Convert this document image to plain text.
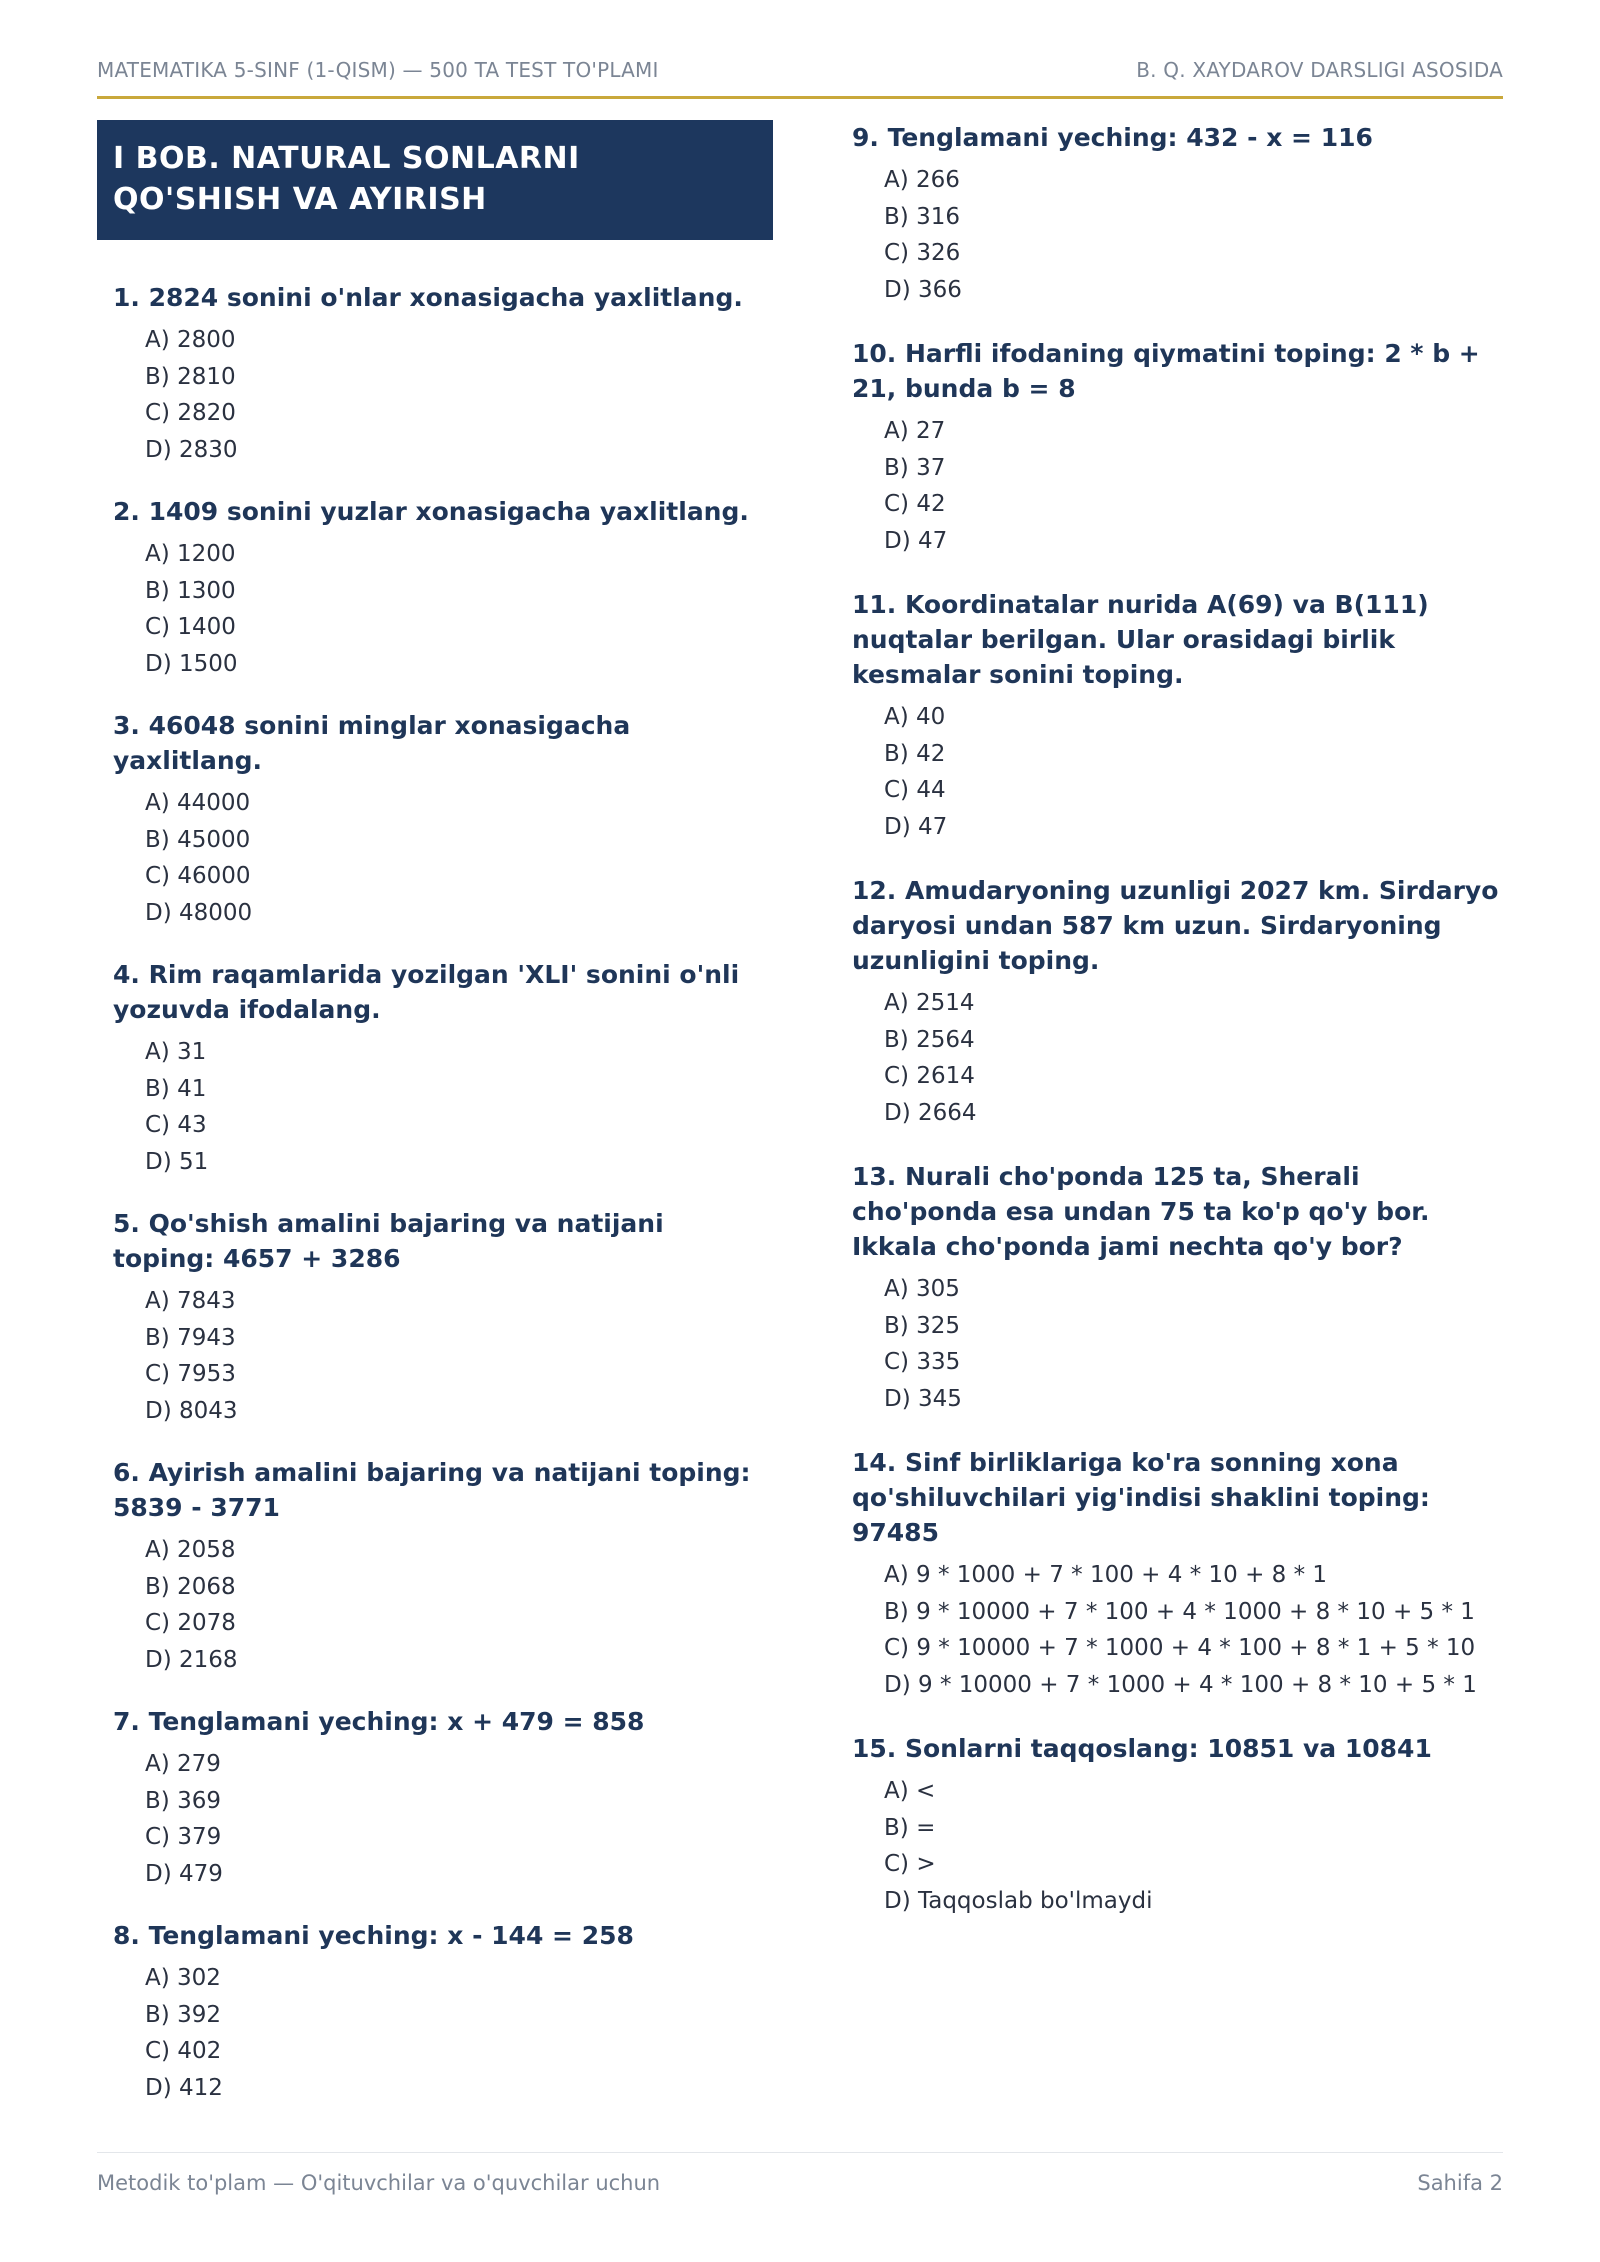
MATEMATIKA 5-SINF (1-QISM) — 500 TA TEST TO'PLAMI	B. Q. XAYDAROV DARSLIGI ASOSIDA
I BOB. NATURAL SONLARNI QO'SHISH VA AYIRISH
1. 2824 sonini o'nlar xonasigacha yaxlitlang.
A) 2800
B) 2810
C) 2820
D) 2830
2. 1409 sonini yuzlar xonasigacha yaxlitlang.
A) 1200
B) 1300
C) 1400
D) 1500
3. 46048 sonini minglar xonasigacha yaxlitlang.
A) 44000
B) 45000
C) 46000
D) 48000
4. Rim raqamlarida yozilgan 'XLI' sonini o'nli yozuvda ifodalang.
A) 31
B) 41
C) 43
D) 51
5. Qo'shish amalini bajaring va natijani toping: 4657 + 3286
A) 7843
B) 7943
C) 7953
D) 8043
6. Ayirish amalini bajaring va natijani toping: 5839 - 3771
A) 2058
B) 2068
C) 2078
D) 2168
7. Tenglamani yeching: x + 479 = 858
A) 279
B) 369
C) 379
D) 479
8. Tenglamani yeching: x - 144 = 258
A) 302
B) 392
C) 402
D) 412
9. Tenglamani yeching: 432 - x = 116
A) 266
B) 316
C) 326
D) 366
10. Harfli ifodaning qiymatini toping: 2 * b + 21, bunda b = 8
A) 27
B) 37
C) 42
D) 47
11. Koordinatalar nurida A(69) va B(111) nuqtalar berilgan. Ular orasidagi birlik kesmalar sonini toping.
A) 40
B) 42
C) 44
D) 47
12. Amudaryoning uzunligi 2027 km. Sirdaryo daryosi undan 587 km uzun. Sirdaryoning uzunligini toping.
A) 2514
B) 2564
C) 2614
D) 2664
13. Nurali cho'ponda 125 ta, Sherali cho'ponda esa undan 75 ta ko'p qo'y bor. Ikkala cho'ponda jami nechta qo'y bor?
A) 305
B) 325
C) 335
D) 345
14. Sinf birliklariga ko'ra sonning xona qo'shiluvchilari yig'indisi shaklini toping: 97485
A) 9 * 1000 + 7 * 100 + 4 * 10 + 8 * 1
B) 9 * 10000 + 7 * 100 + 4 * 1000 + 8 * 10 + 5 * 1
C) 9 * 10000 + 7 * 1000 + 4 * 100 + 8 * 1 + 5 * 10
D) 9 * 10000 + 7 * 1000 + 4 * 100 + 8 * 10 + 5 * 1
15. Sonlarni taqqoslang: 10851 va 10841
A) <
B) =
C) >
D) Taqqoslab bo'lmaydi
Metodik to'plam — O'qituvchilar va o'quvchilar uchun	Sahifa 2
